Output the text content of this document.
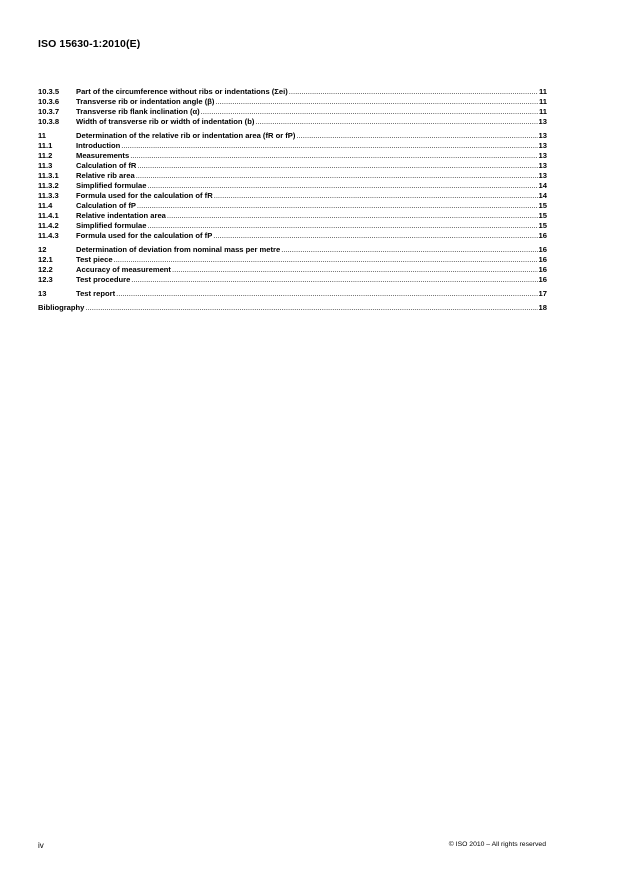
ISO 15630-1:2010(E)
10.3.5	Part of the circumference without ribs or indentations (Σei) .....	11
10.3.6	Transverse rib or indentation angle (β) .....	11
10.3.7	Transverse rib flank inclination (α) .....	11
10.3.8	Width of transverse rib or width of indentation (b) .....	13
11	Determination of the relative rib or indentation area (fR or fP) .....	13
11.1	Introduction .....	13
11.2	Measurements .....	13
11.3	Calculation of fR .....	13
11.3.1	Relative rib area .....	13
11.3.2	Simplified formulae .....	14
11.3.3	Formula used for the calculation of fR .....	14
11.4	Calculation of fP .....	15
11.4.1	Relative indentation area .....	15
11.4.2	Simplified formulae .....	15
11.4.3	Formula used for the calculation of fP .....	16
12	Determination of deviation from nominal mass per metre .....	16
12.1	Test piece .....	16
12.2	Accuracy of measurement .....	16
12.3	Test procedure .....	16
13	Test report .....	17
Bibliography .....	18
iv	© ISO 2010 – All rights reserved
